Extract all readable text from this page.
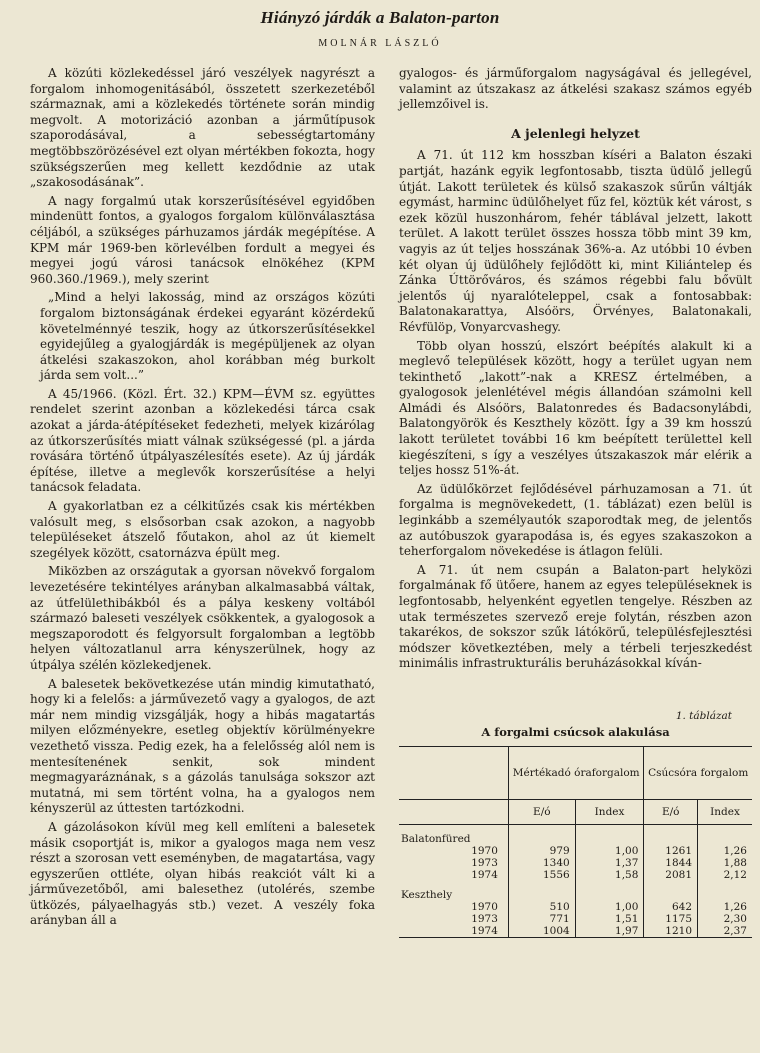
Hiányzó járdák a Balaton-parton
MOLNÁR LÁSZLÓ

A közúti közlekedéssel járó veszélyek nagyrészt a forgalom inhomogenitásából, összetett szerkezetéből származnak, ami a közlekedés története során mindig megvolt. A motorizáció azonban a járműtípusok szaporodásával, a sebességtartomány megtöbbszörözésével ezt olyan mértékben fokozta, hogy szükségszerűen meg kellett kezdődnie az utak „szakosodásának”.

A nagy forgalmú utak korszerűsítésével egyidőben mindenütt fontos, a gyalogos forgalom különválasztása céljából, a szükséges párhuzamos járdák megépítése. A KPM már 1969-ben körlevélben fordult a megyei és megyei jogú városi tanácsok elnökéhez (KPM 960.360./1969.), mely szerint

„Mind a helyi lakosság, mind az országos közúti forgalom biztonságának érdekei egyaránt közérdekű követelménnyé teszik, hogy az útkorszerűsítésekkel egyidejűleg a gyalogjárdák is megépüljenek az olyan átkelési szakaszokon, ahol korábban még burkolt járda sem volt...”

A 45/1966. (Közl. Ért. 32.) KPM—ÉVM sz. együttes rendelet szerint azonban a közlekedési tárca csak azokat a járda-átépítéseket fedezheti, melyek kizárólag az útkorszerűsítés miatt válnak szükségessé (pl. a járda rovására történő útpályaszélesítés esete). Az új járdák építése, illetve a meglevők korszerűsítése a helyi tanácsok feladata.

A gyakorlatban ez a célkitűzés csak kis mértékben valósult meg, s elsősorban csak azokon, a nagyobb településeket átszelő főutakon, ahol az út kiemelt szegélyek között, csatornázva épült meg.

Miközben az országutak a gyorsan növekvő forgalom levezetésére tekintélyes arányban alkalmasabbá váltak, az útfelülethibákból és a pálya keskeny voltából származó baleseti veszélyek csökkentek, a gyalogosok a megszaporodott és felgyorsult forgalomban a legtöbb helyen változatlanul arra kényszerülnek, hogy az útpálya szélén közlekedjenek.

A balesetek bekövetkezése után mindig kimutatható, hogy ki a felelős: a járművezető vagy a gyalogos, de azt már nem mindig vizsgálják, hogy a hibás magatartás milyen előzményekre, esetleg objektív körülményekre vezethető vissza. Pedig ezek, ha a felelősség alól nem is mentesítenének senkit, sok mindent megmagyaráznának, s a gázolás tanulsága sokszor azt mutatná, mi sem történt volna, ha a gyalogos nem kényszerül az úttesten tartózkodni.

A gázolásokon kívül meg kell említeni a balesetek másik csoportját is, mikor a gyalogos maga nem vesz részt a szorosan vett eseményben, de magatartása, vagy egyszerűen ottléte, olyan hibás reakciót vált ki a járművezetőből, ami balesethez (utolérés, szembe ütközés, pályaelhagyás stb.) vezet. A veszély foka arányban áll a

gyalogos- és járműforgalom nagyságával és jellegével, valamint az útszakasz az átkelési szakasz számos egyéb jellemzőivel is.

A jelenlegi helyzet

A 71. út 112 km hosszban kíséri a Balaton északi partját, hazánk egyik legfontosabb, tiszta üdülő jellegű útját. Lakott területek és külső szakaszok sűrűn váltják egymást, harminc üdülőhelyet fűz fel, köztük két várost, s ezek közül huszonhárom, fehér táblával jelzett, lakott terület. A lakott terület összes hossza több mint 39 km, vagyis az út teljes hosszának 36%-a. Az utóbbi 10 évben két olyan új üdülőhely fejlődött ki, mint Kiliántelep és Zánka Úttörőváros, és számos régebbi falu bővült jelentős új nyaralóteleppel, csak a fontosabbak: Balatonakarattya, Alsóörs, Örvényes, Balatonakali, Révfülöp, Vonyarcvashegy.

Több olyan hosszú, elszórt beépítés alakult ki a meglevő települések között, hogy a terület ugyan nem tekinthető „lakott”-nak a KRESZ értelmében, a gyalogosok jelenlétével mégis állandóan számolni kell Almádi és Alsóörs, Balatonredes és Badacsonylábdi, Balatongyörök és Keszthely között. Így a 39 km hosszú lakott területet további 16 km beépített területtel kell kiegészíteni, s így a veszélyes útszakaszok már elérik a teljes hossz 51%-át.

Az üdülőkörzet fejlődésével párhuzamosan a 71. út forgalma is megnövekedett, (1. táblázat) ezen belül is leginkább a személyautók szaporodtak meg, de jelentős az autóbuszok gyarapodása is, és egyes szakaszokon a teherforgalom növekedése is átlagon felüli.

A 71. út nem csupán a Balaton-part helyközi forgalmának fő ütőere, hanem az egyes településeknek is legfontosabb, helyenként egyetlen tengelye. Részben az utak természetes szervező ereje folytán, részben azon takarékos, de sokszor szűk látókörű, településfejlesztési módszer következtében, mely a térbeli terjeszkedést minimális infrastrukturális beruházásokkal kíván-

1. táblázat
A forgalmi csúcsok alakulása
	Mértékadó óraforgalom		Csúcsóra forgalom	
	E/ó	Index	E/ó	Index

Balatonfüred				
1970	979	1,00	1261	1,26
1973	1340	1,37	1844	1,88
1974	1556	1,58	2081	2,12

Keszthely				
1970	510	1,00	642	1,26
1973	771	1,51	1175	2,30
1974	1004	1,97	1210	2,37
